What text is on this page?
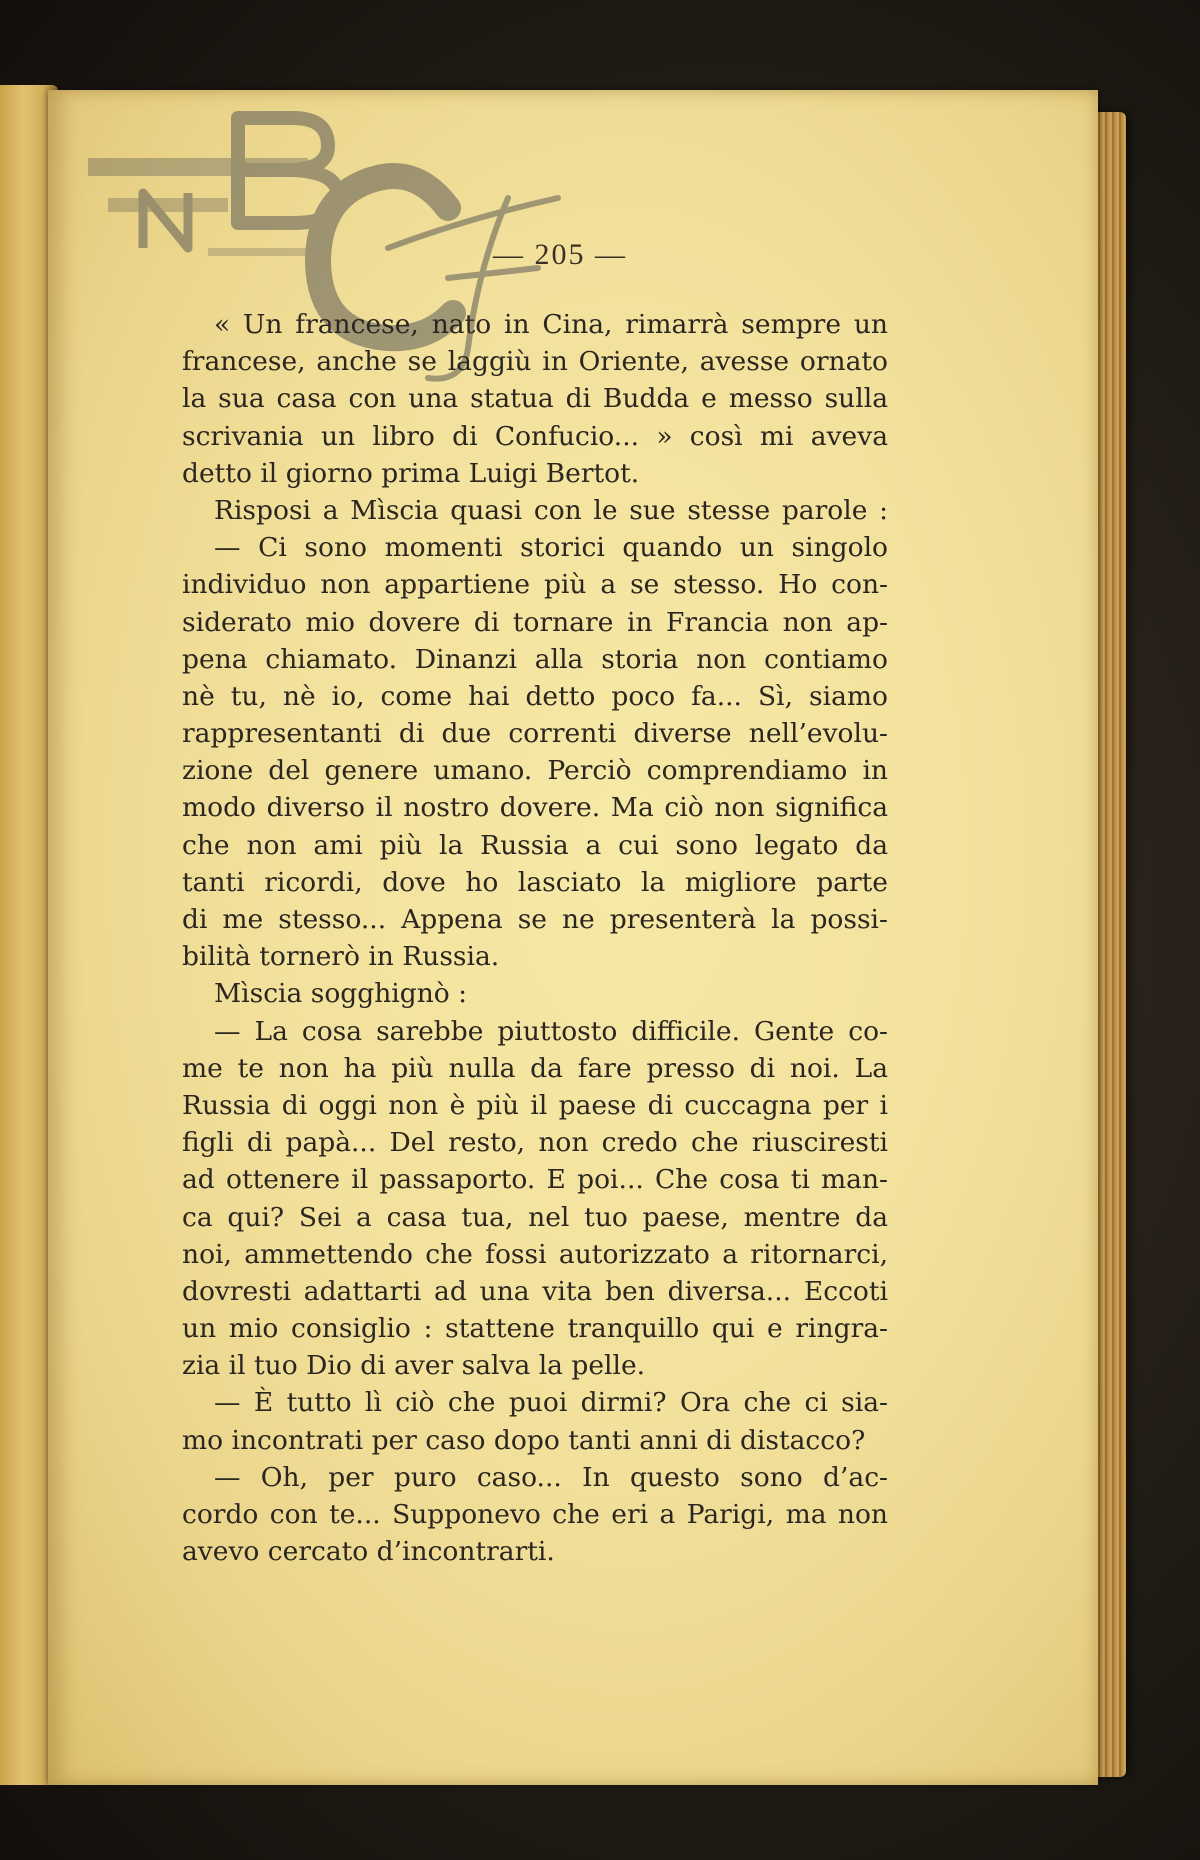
— 205 —
« Un francese, nato in Cina, rimarrà sempre un
francese, anche se laggiù in Oriente, avesse ornato
la sua casa con una statua di Budda e messo sulla
scrivania un libro di Confucio... » così mi aveva
detto il giorno prima Luigi Bertot.
Risposi a Mìscia quasi con le sue stesse parole :
— Ci sono momenti storici quando un singolo
individuo non appartiene più a se stesso. Ho con-
siderato mio dovere di tornare in Francia non ap-
pena chiamato. Dinanzi alla storia non contiamo
nè tu, nè io, come hai detto poco fa... Sì, siamo
rappresentanti di due correnti diverse nell’evolu-
zione del genere umano. Perciò comprendiamo in
modo diverso il nostro dovere. Ma ciò non significa
che non ami più la Russia a cui sono legato da
tanti ricordi, dove ho lasciato la migliore parte
di me stesso... Appena se ne presenterà la possi-
bilità tornerò in Russia.
Mìscia sogghignò :
— La cosa sarebbe piuttosto difficile. Gente co-
me te non ha più nulla da fare presso di noi. La
Russia di oggi non è più il paese di cuccagna per i
figli di papà... Del resto, non credo che riusciresti
ad ottenere il passaporto. E poi... Che cosa ti man-
ca qui? Sei a casa tua, nel tuo paese, mentre da
noi, ammettendo che fossi autorizzato a ritornarci,
dovresti adattarti ad una vita ben diversa... Eccoti
un mio consiglio : stattene tranquillo qui e ringra-
zia il tuo Dio di aver salva la pelle.
— È tutto lì ciò che puoi dirmi? Ora che ci sia-
mo incontrati per caso dopo tanti anni di distacco?
— Oh, per puro caso... In questo sono d’ac-
cordo con te... Supponevo che eri a Parigi, ma non
avevo cercato d’incontrarti.
